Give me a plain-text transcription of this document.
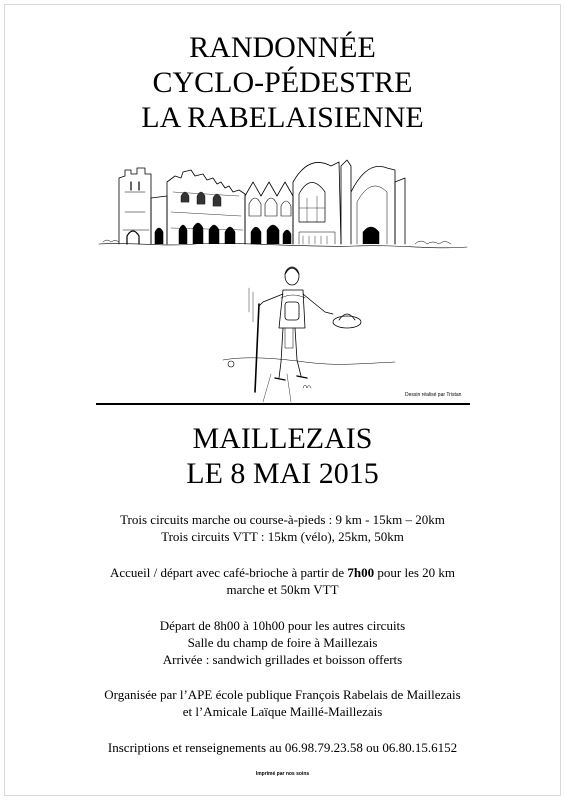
RANDONNÉE
CYCLO-PÉDESTRE
LA RABELAISIENNE
Dessin réalisé par Tristan
MAILLEZAIS
LE 8 MAI 2015
Trois circuits marche ou course-à-pieds : 9 km - 15km – 20km
Trois circuits VTT : 15km (vélo), 25km, 50km
Accueil / départ avec café-brioche à partir de 7h00 pour les 20 km
marche et 50km VTT
Départ de 8h00 à 10h00 pour les autres circuits
Salle du champ de foire à Maillezais
Arrivée : sandwich grillades et boisson offerts
Organisée par l’APE école publique François Rabelais de Maillezais
et l’Amicale Laïque Maillé-Maillezais
Inscriptions et renseignements au 06.98.79.23.58 ou 06.80.15.6152
Imprimé par nos soins
